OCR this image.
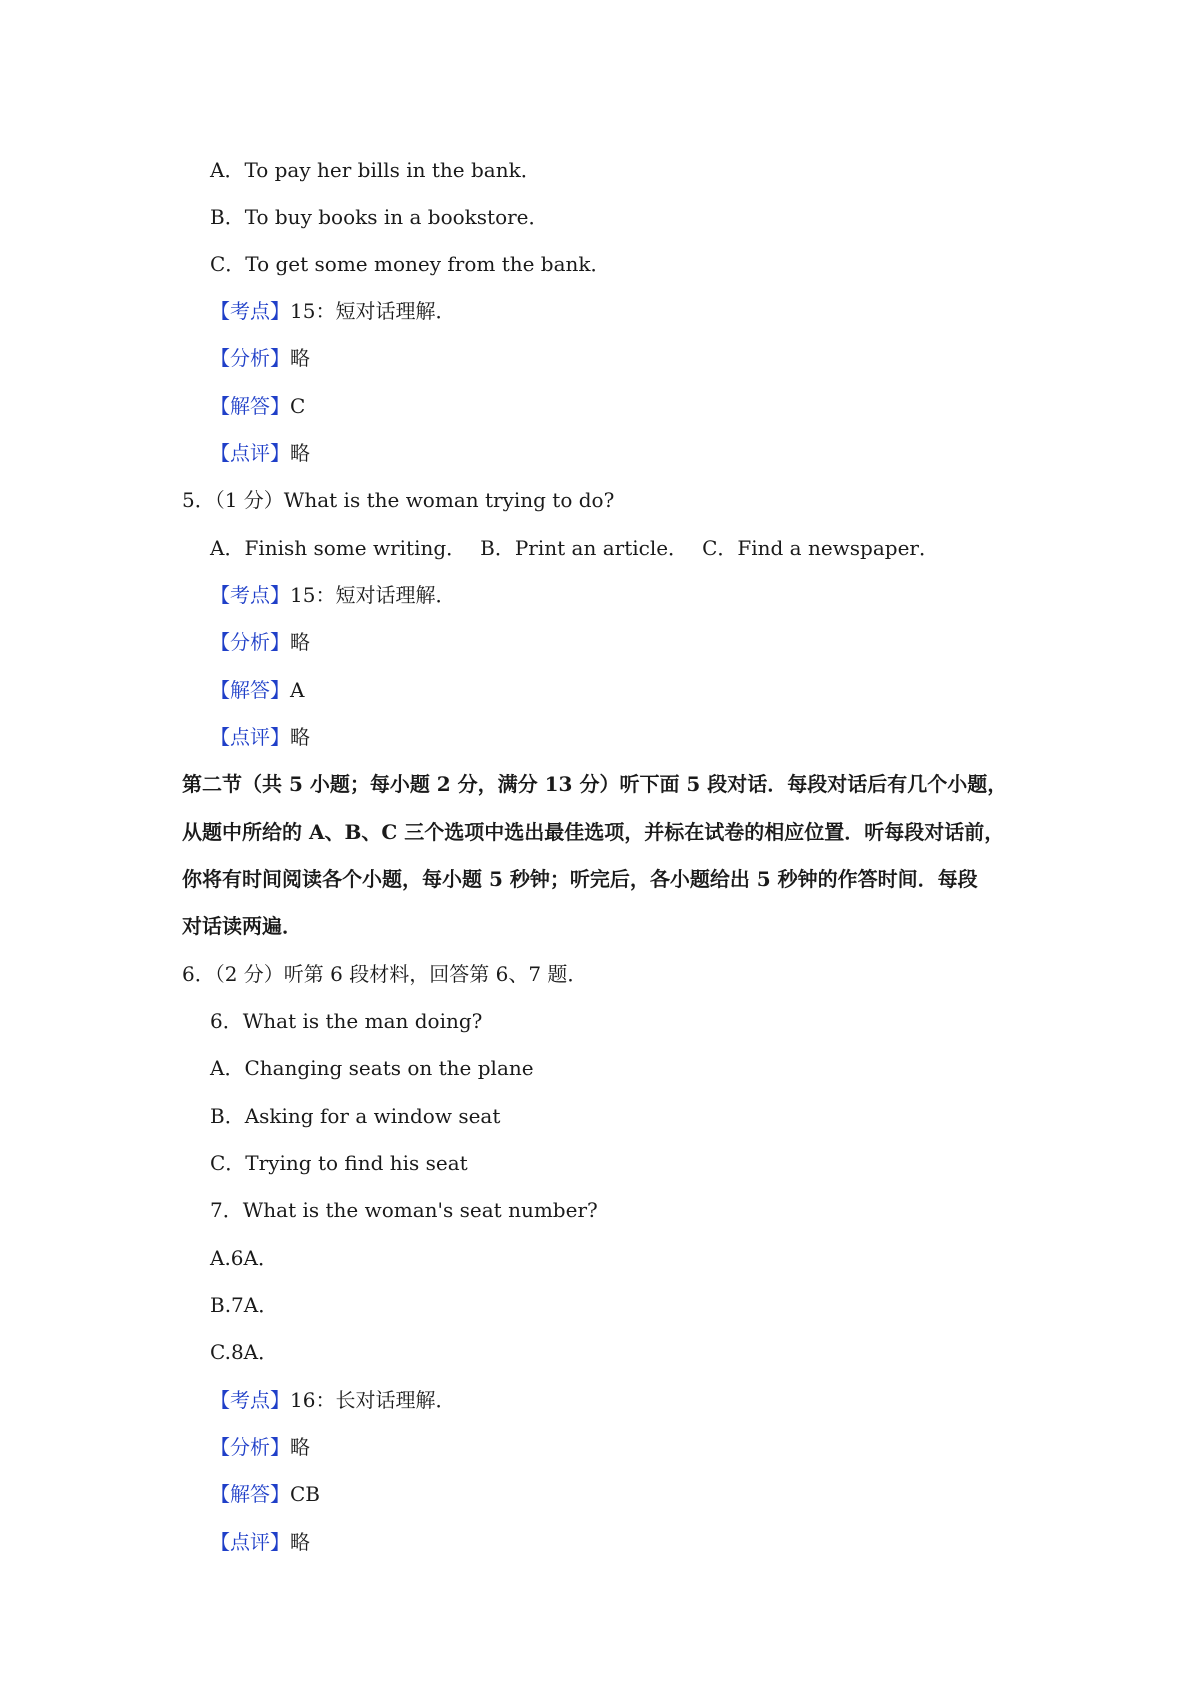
A．To pay her bills in the bank．
B．To buy books in a bookstore．
C．To get some money from the bank．
【考点】15：短对话理解．
【分析】略
【解答】C
【点评】略
5．（1 分）What is the woman trying to do?
A．Finish some writing． B．Print an article． C．Find a newspaper．
【考点】15：短对话理解．
【分析】略
【解答】A
【点评】略
第二节（共 5 小题；每小题 2 分，满分 13 分）听下面 5 段对话．每段对话后有几个小题，
从题中所给的 A、B、C 三个选项中选出最佳选项，并标在试卷的相应位置．听每段对话前，
你将有时间阅读各个小题，每小题 5 秒钟；听完后，各小题给出 5 秒钟的作答时间．每段
对话读两遍．
6．（2 分）听第 6 段材料，回答第 6、7 题．
6．What is the man doing?
A．Changing seats on the plane
B．Asking for a window seat
C．Trying to find his seat
7．What is the woman's seat number?
A.6A．
B.7A．
C.8A．
【考点】16：长对话理解．
【分析】略
【解答】CB
【点评】略
